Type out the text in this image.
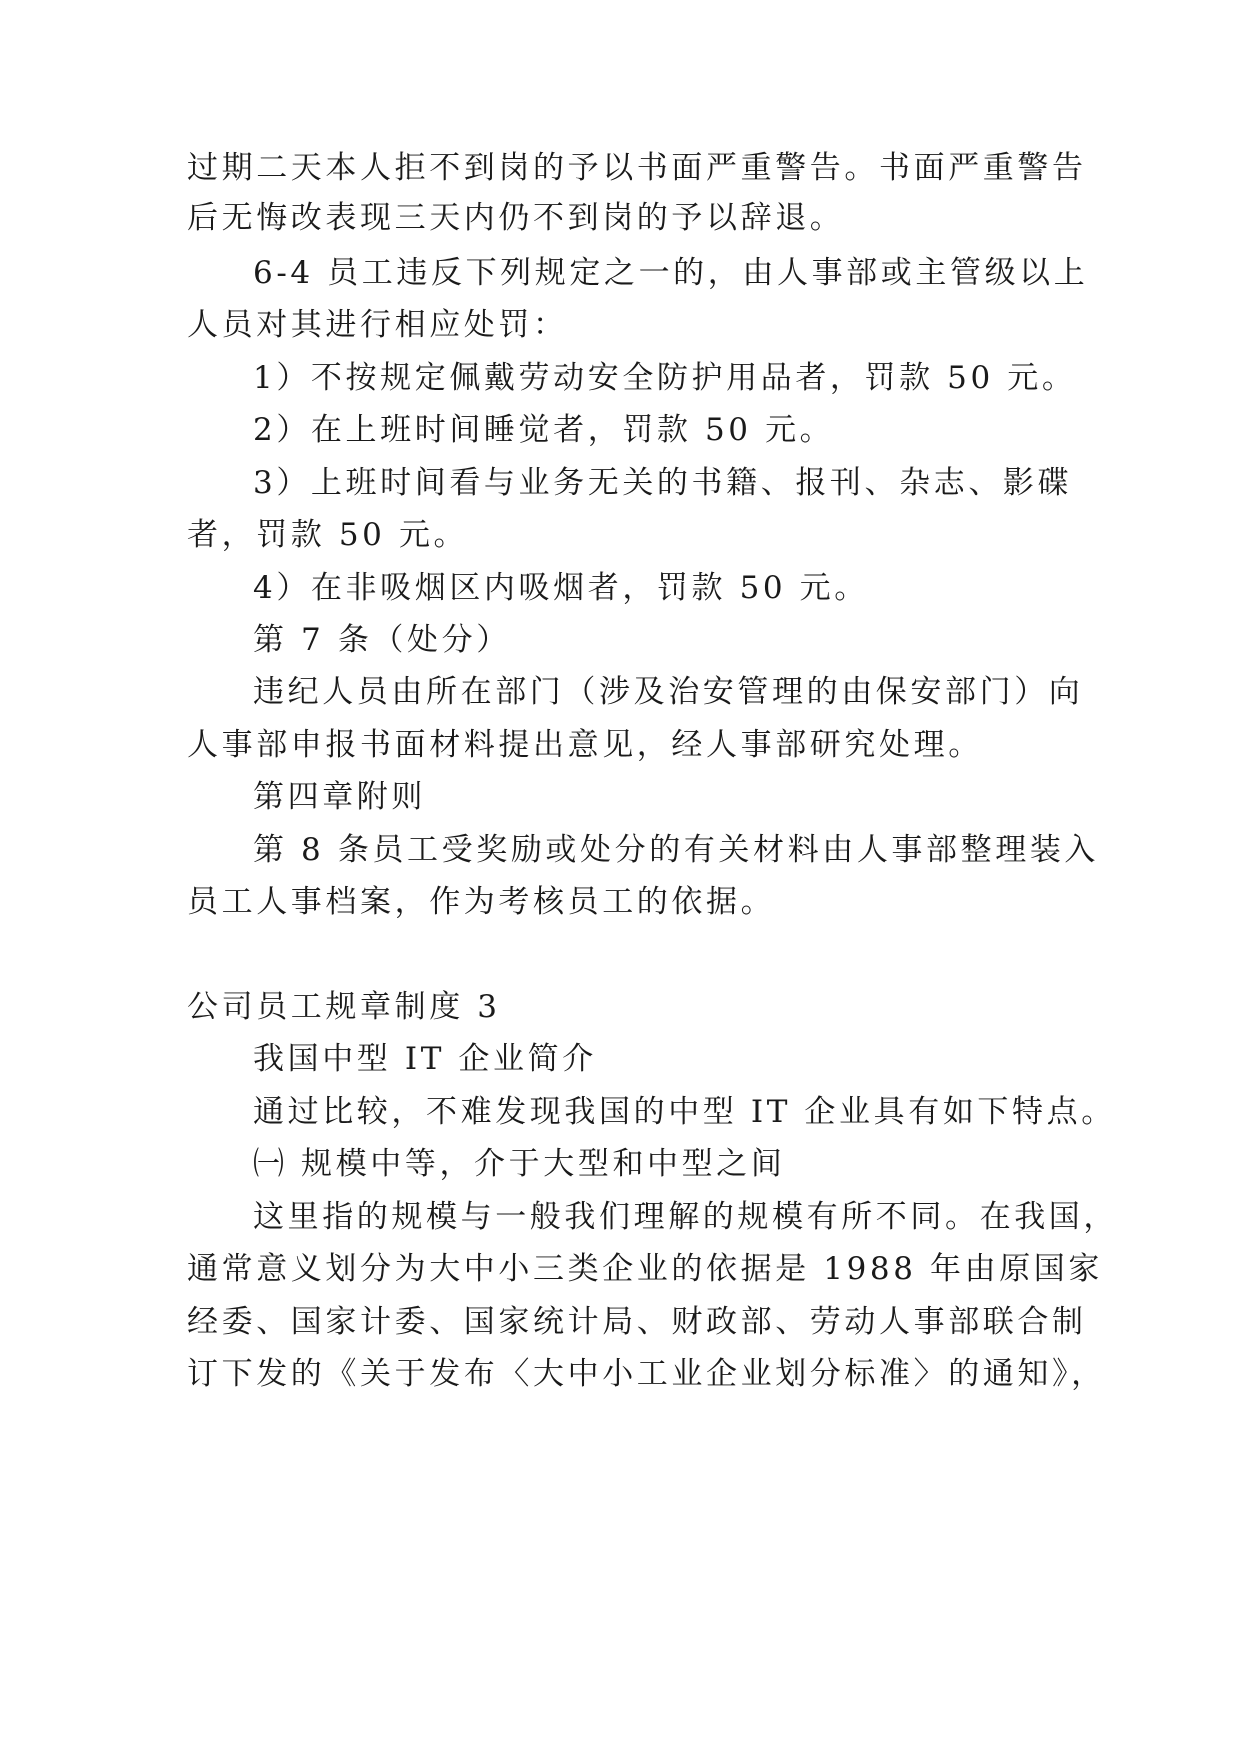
过期二天本人拒不到岗的予以书面严重警告。书面严重警告
后无悔改表现三天内仍不到岗的予以辞退。
6-4 员工违反下列规定之一的，由人事部或主管级以上
人员对其进行相应处罚：
1）不按规定佩戴劳动安全防护用品者，罚款 50 元。
2）在上班时间睡觉者，罚款 50 元。
3）上班时间看与业务无关的书籍、报刊、杂志、影碟
者，罚款 50 元。
4）在非吸烟区内吸烟者，罚款 50 元。
第 7 条（处分）
违纪人员由所在部门（涉及治安管理的由保安部门）向
人事部申报书面材料提出意见，经人事部研究处理。
第四章附则
第 8 条员工受奖励或处分的有关材料由人事部整理装入
员工人事档案，作为考核员工的依据。
公司员工规章制度 3
我国中型 IT 企业简介
通过比较，不难发现我国的中型 IT 企业具有如下特点。
㈠ 规模中等，介于大型和中型之间
这里指的规模与一般我们理解的规模有所不同。在我国，
通常意义划分为大中小三类企业的依据是 1988 年由原国家
经委、国家计委、国家统计局、财政部、劳动人事部联合制
订下发的《关于发布〈大中小工业企业划分标准〉的通知》，
